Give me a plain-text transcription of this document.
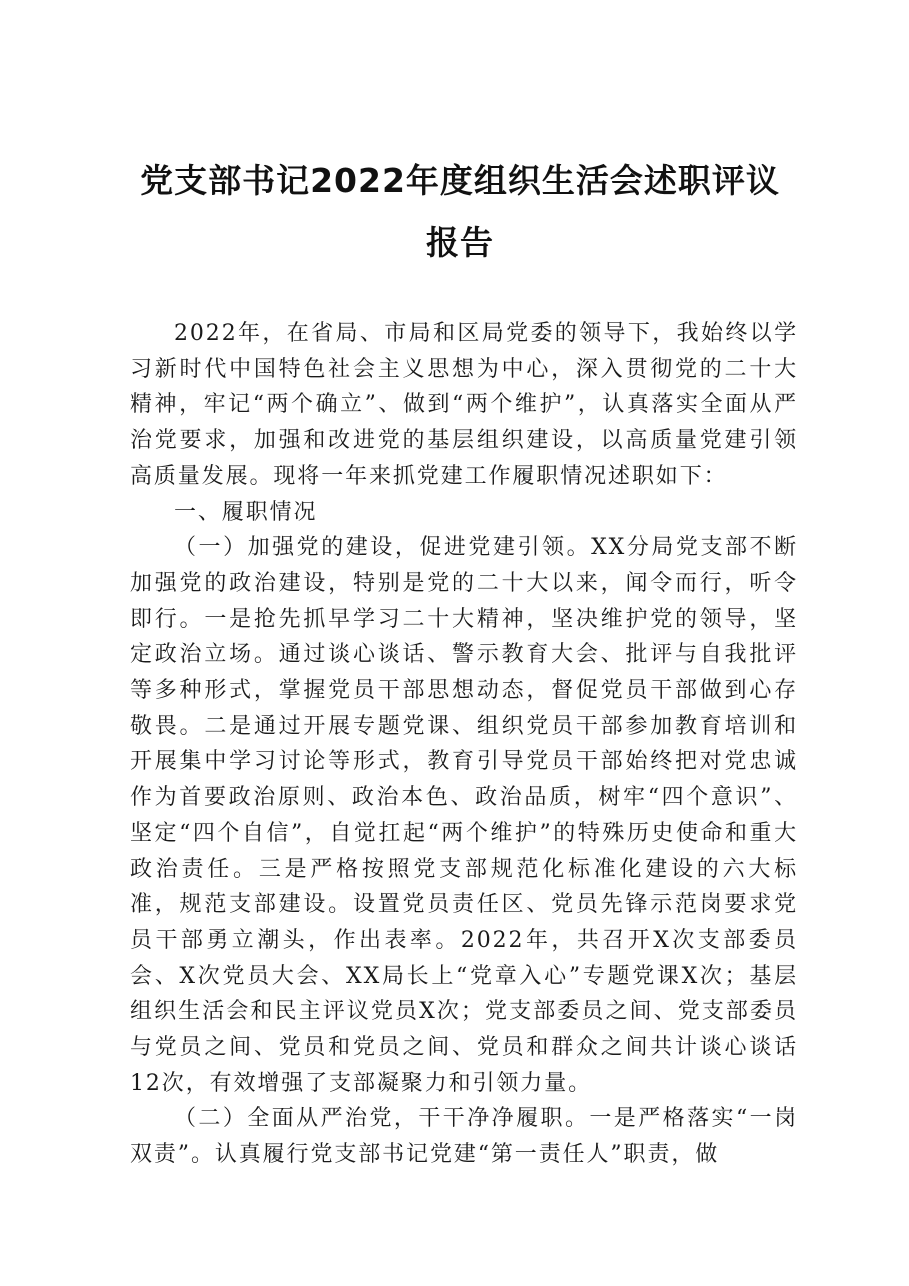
党支部书记2022年度组织生活会述职评议报告

2022年，在省局、市局和区局党委的领导下，我始终以学习新时代中国特色社会主义思想为中心，深入贯彻党的二十大精神，牢记“两个确立”、做到“两个维护”，认真落实全面从严治党要求，加强和改进党的基层组织建设，以高质量党建引领高质量发展。现将一年来抓党建工作履职情况述职如下：

一、履职情况

（一）加强党的建设，促进党建引领。XX分局党支部不断加强党的政治建设，特别是党的二十大以来，闻令而行，听令即行。一是抢先抓早学习二十大精神，坚决维护党的领导，坚定政治立场。通过谈心谈话、警示教育大会、批评与自我批评等多种形式，掌握党员干部思想动态，督促党员干部做到心存敬畏。二是通过开展专题党课、组织党员干部参加教育培训和开展集中学习讨论等形式，教育引导党员干部始终把对党忠诚作为首要政治原则、政治本色、政治品质，树牢“四个意识”、坚定“四个自信”，自觉扛起“两个维护”的特殊历史使命和重大政治责任。三是严格按照党支部规范化标准化建设的六大标准，规范支部建设。设置党员责任区、党员先锋示范岗要求党员干部勇立潮头，作出表率。2022年，共召开X次支部委员会、X次党员大会、XX局长上“党章入心”专题党课X次；基层组织生活会和民主评议党员X次；党支部委员之间、党支部委员与党员之间、党员和党员之间、党员和群众之间共计谈心谈话12次，有效增强了支部凝聚力和引领力量。

（二）全面从严治党，干干净净履职。一是严格落实“一岗双责”。认真履行党支部书记党建“第一责任人”职责，做
